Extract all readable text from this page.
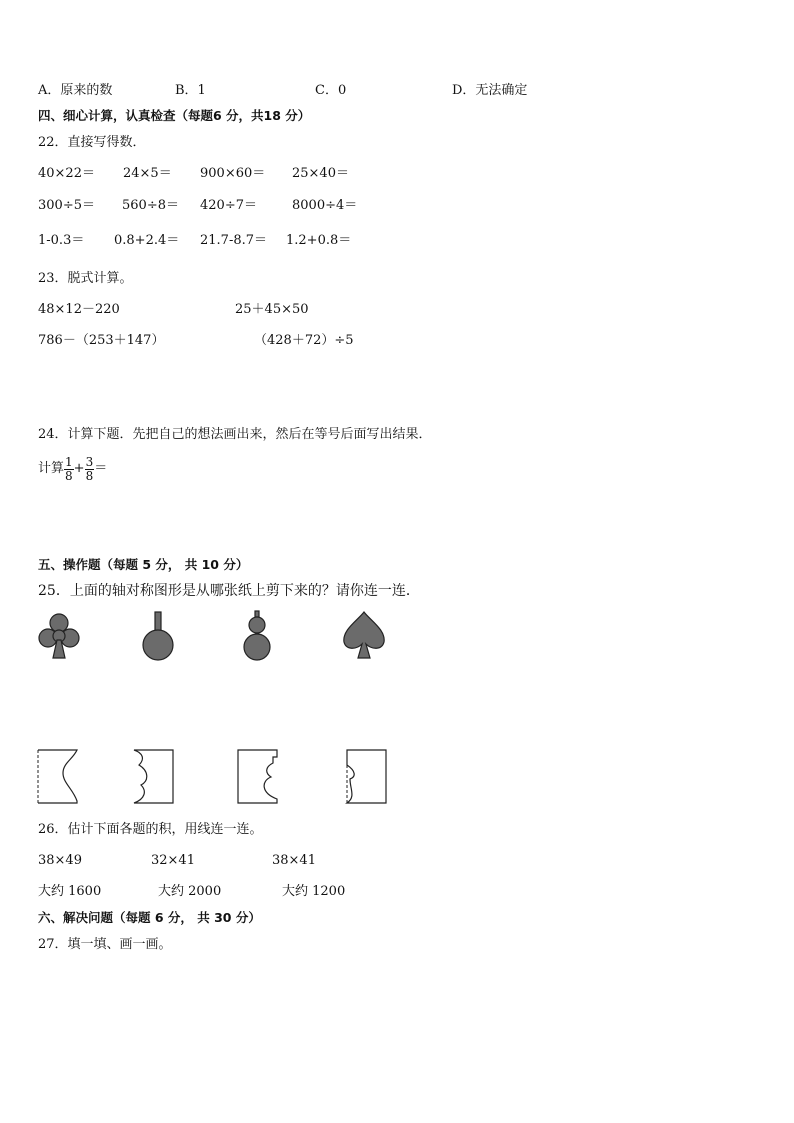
A．原来的数	B．1	C．0	D．无法确定
四、细心计算，认真检查（每题6 分，共18 分）
22．直接写得数．
40×22＝ 24×5＝ 900×60＝ 25×40＝
300÷5＝ 560÷8＝ 420÷7＝	8000÷4＝
1-0.3＝ 0.8+2.4＝ 21.7-8.7＝ 1.2+0.8＝
23．脱式计算。
48×12－220	25＋45×50
786－（253＋147）	（428＋72）÷5
24．计算下题．先把自己的想法画出来，然后在等号后面写出结果．
计算 $\frac{1}{8} + \frac{3}{8}$ ＝
五、操作题（每题 5 分， 共 10 分）
25．上面的轴对称图形是从哪张纸上剪下来的？请你连一连．
26．估计下面各题的积，用线连一连。
38×49	32×41	38×41
大约 1600	大约 2000	大约 1200
六、解决问题（每题 6 分， 共 30 分）
27．填一填、画一画。
